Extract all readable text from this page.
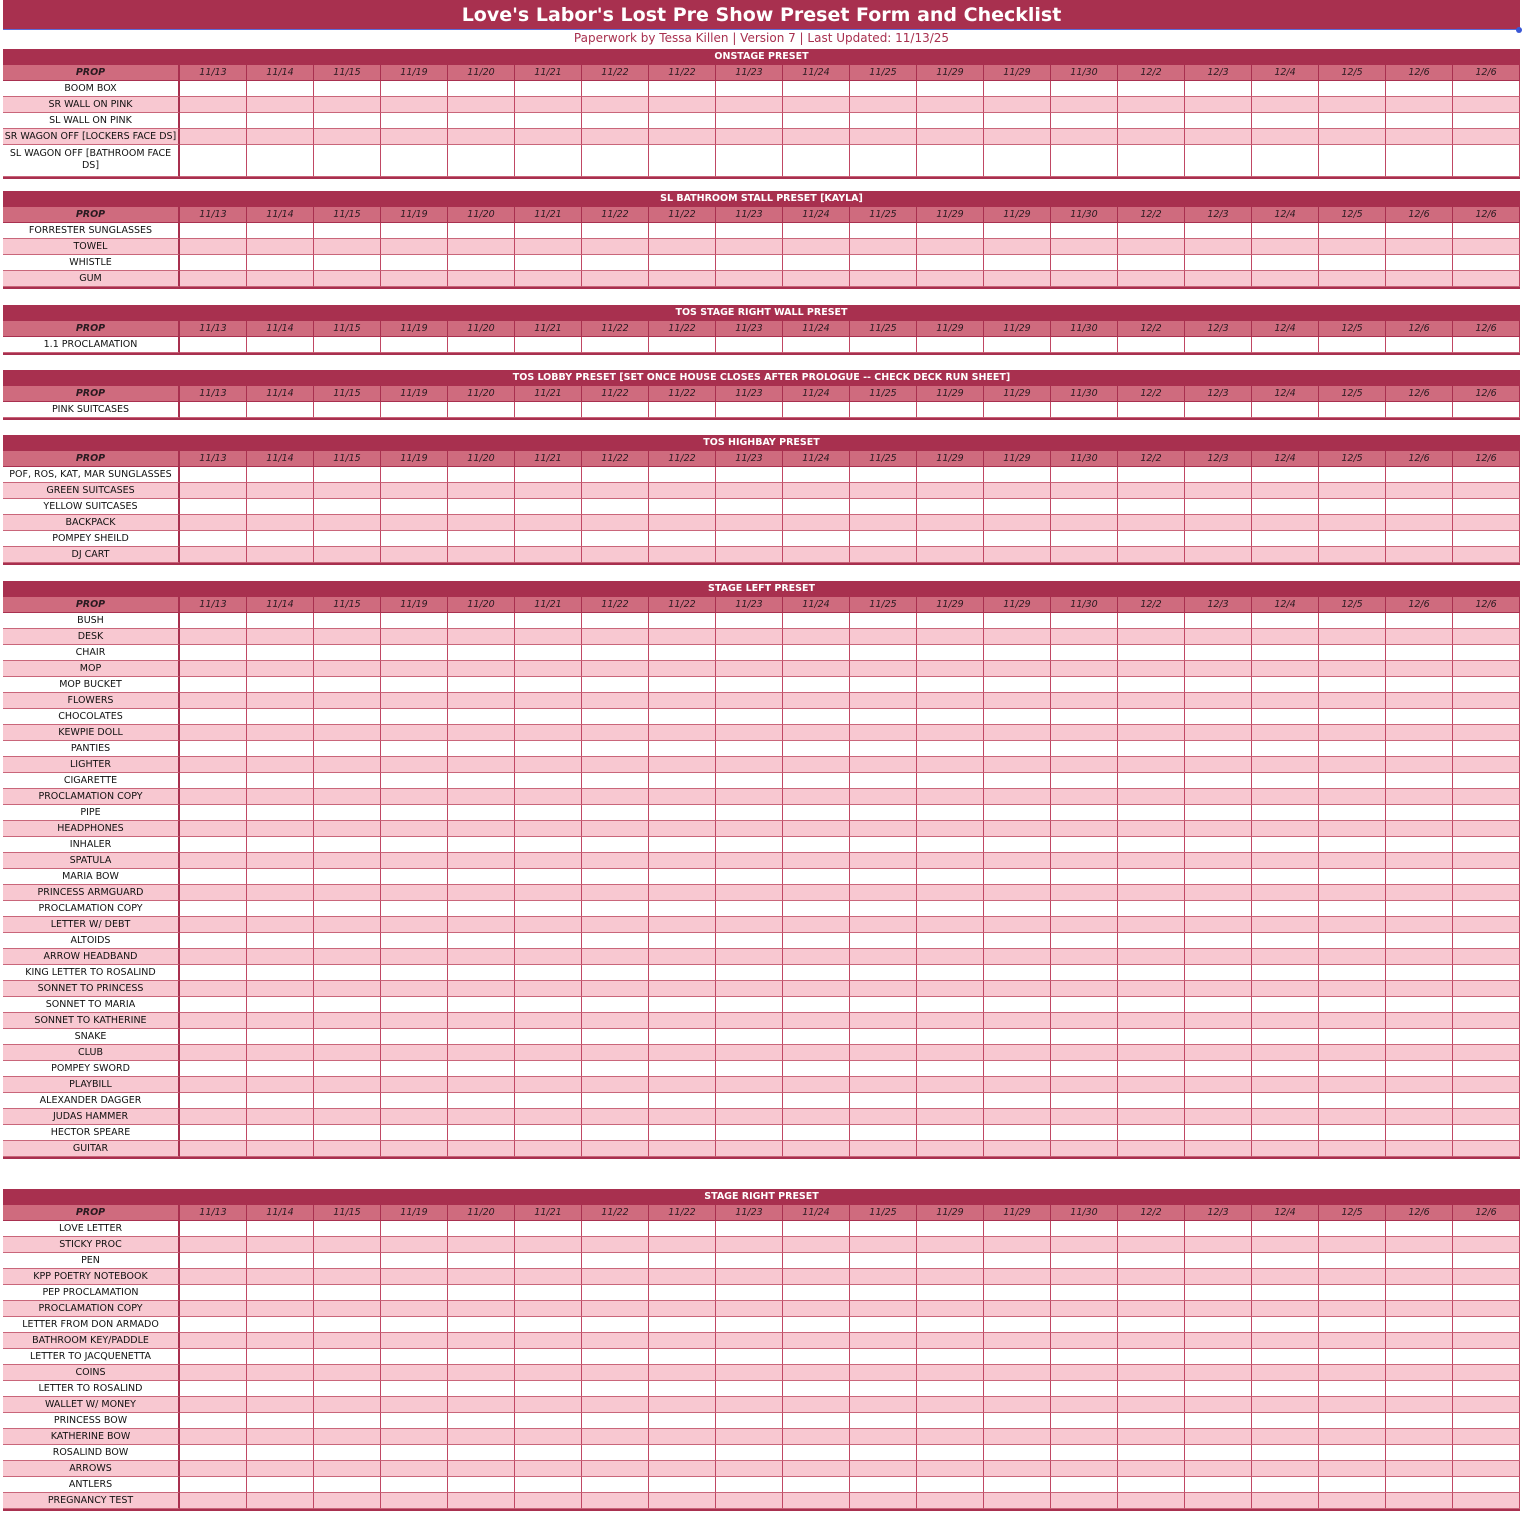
Love's Labor's Lost Pre Show Preset Form and Checklist
Paperwork by Tessa Killen | Version 7 | Last Updated: 11/13/25
ONSTAGE PRESET
PROP	11/13	11/14	11/15	11/19	11/20	11/21	11/22	11/22	11/23	11/24	11/25	11/29	11/29	11/30	12/2	12/3	12/4	12/5	12/6	12/6
BOOM BOX
SR WALL ON PINK
SL WALL ON PINK
SR WAGON OFF [LOCKERS FACE DS]
SL WAGON OFF [BATHROOM FACE DS]
SL BATHROOM STALL PRESET [KAYLA]
PROP	11/13	11/14	11/15	11/19	11/20	11/21	11/22	11/22	11/23	11/24	11/25	11/29	11/29	11/30	12/2	12/3	12/4	12/5	12/6	12/6
FORRESTER SUNGLASSES
TOWEL
WHISTLE
GUM
TOS STAGE RIGHT WALL PRESET
PROP	11/13	11/14	11/15	11/19	11/20	11/21	11/22	11/22	11/23	11/24	11/25	11/29	11/29	11/30	12/2	12/3	12/4	12/5	12/6	12/6
1.1 PROCLAMATION
TOS LOBBY PRESET [SET ONCE HOUSE CLOSES AFTER PROLOGUE -- CHECK DECK RUN SHEET]
PROP	11/13	11/14	11/15	11/19	11/20	11/21	11/22	11/22	11/23	11/24	11/25	11/29	11/29	11/30	12/2	12/3	12/4	12/5	12/6	12/6
PINK SUITCASES
TOS HIGHBAY PRESET
PROP	11/13	11/14	11/15	11/19	11/20	11/21	11/22	11/22	11/23	11/24	11/25	11/29	11/29	11/30	12/2	12/3	12/4	12/5	12/6	12/6
POF, ROS, KAT, MAR SUNGLASSES
GREEN SUITCASES
YELLOW SUITCASES
BACKPACK
POMPEY SHEILD
DJ CART
STAGE LEFT PRESET
PROP	11/13	11/14	11/15	11/19	11/20	11/21	11/22	11/22	11/23	11/24	11/25	11/29	11/29	11/30	12/2	12/3	12/4	12/5	12/6	12/6
BUSH
DESK
CHAIR
MOP
MOP BUCKET
FLOWERS
CHOCOLATES
KEWPIE DOLL
PANTIES
LIGHTER
CIGARETTE
PROCLAMATION COPY
PIPE
HEADPHONES
INHALER
SPATULA
MARIA BOW
PRINCESS ARMGUARD
PROCLAMATION COPY
LETTER W/ DEBT
ALTOIDS
ARROW HEADBAND
KING LETTER TO ROSALIND
SONNET TO PRINCESS
SONNET TO MARIA
SONNET TO KATHERINE
SNAKE
CLUB
POMPEY SWORD
PLAYBILL
ALEXANDER DAGGER
JUDAS HAMMER
HECTOR SPEARE
GUITAR
STAGE RIGHT PRESET
PROP	11/13	11/14	11/15	11/19	11/20	11/21	11/22	11/22	11/23	11/24	11/25	11/29	11/29	11/30	12/2	12/3	12/4	12/5	12/6	12/6
LOVE LETTER
STICKY PROC
PEN
KPP POETRY NOTEBOOK
PEP PROCLAMATION
PROCLAMATION COPY
LETTER FROM DON ARMADO
BATHROOM KEY/PADDLE
LETTER TO JACQUENETTA
COINS
LETTER TO ROSALIND
WALLET W/ MONEY
PRINCESS BOW
KATHERINE BOW
ROSALIND BOW
ARROWS
ANTLERS
PREGNANCY TEST
